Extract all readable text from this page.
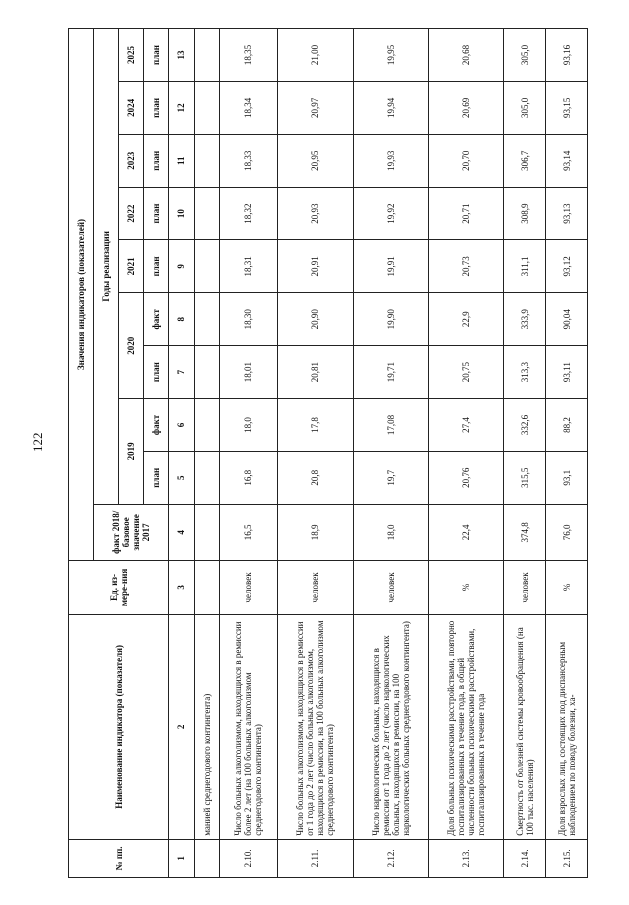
122
№ пп.	Наименование индикатора (показателя)	Ед. из-мере-ния	Значения индикаторов (показателей)									
			факт 2018/базовое значение 2017	Годы реализации								
				2019		2020		2021	2022	2023	2024	2025
				план	факт	план	факт	план	план	план	план	план
1	2	3	4	5	6	7	8	9	10	11	12	13
	манией среднегодового контингента)											
2.10.	Число больных алкоголизмом, находящихся в ремиссии более 2 лет (на 100 больных алкоголизмом среднегодового контингента)	человек	16,5	16,8	18,0	18,01	18,30	18,31	18,32	18,33	18,34	18,35
2.11.	Число больных алкоголизмом, находящихся в ремиссии от 1 года до 2 лет (число больных алкоголизмом, находящихся в ремиссии, на 100 больных алкоголизмом среднегодового контингента)	человек	18,9	20,8	17,8	20,81	20,90	20,91	20,93	20,95	20,97	21,00
2.12.	Число наркологических больных, находящихся в ремиссии от 1 года до 2 лет (число наркологических больных, находящихся в ремиссии, на 100 наркологических больных среднегодового контингента)	человек	18,0	19,7	17,08	19,71	19,90	19,91	19,92	19,93	19,94	19,95
2.13.	Доля больных психическими расстройствами, повторно госпитализированных в течение года, в общей численности больных психическими расстройствами, госпитализированных в течение года	%	22,4	20,76	27,4	20,75	22,9	20,73	20,71	20,70	20,69	20,68
2.14.	Смертность от болезней системы кровообращения (на 100 тыс. населения)	человек	374,8	315,5	332,6	313,3	333,9	311,1	308,9	306,7	305,0	305,0
2.15.	Доля взрослых лиц, состоящих под диспансерным наблюдением по поводу болезни, ха-	%	76,0	93,1	88,2	93,11	90,04	93,12	93,13	93,14	93,15	93,16
